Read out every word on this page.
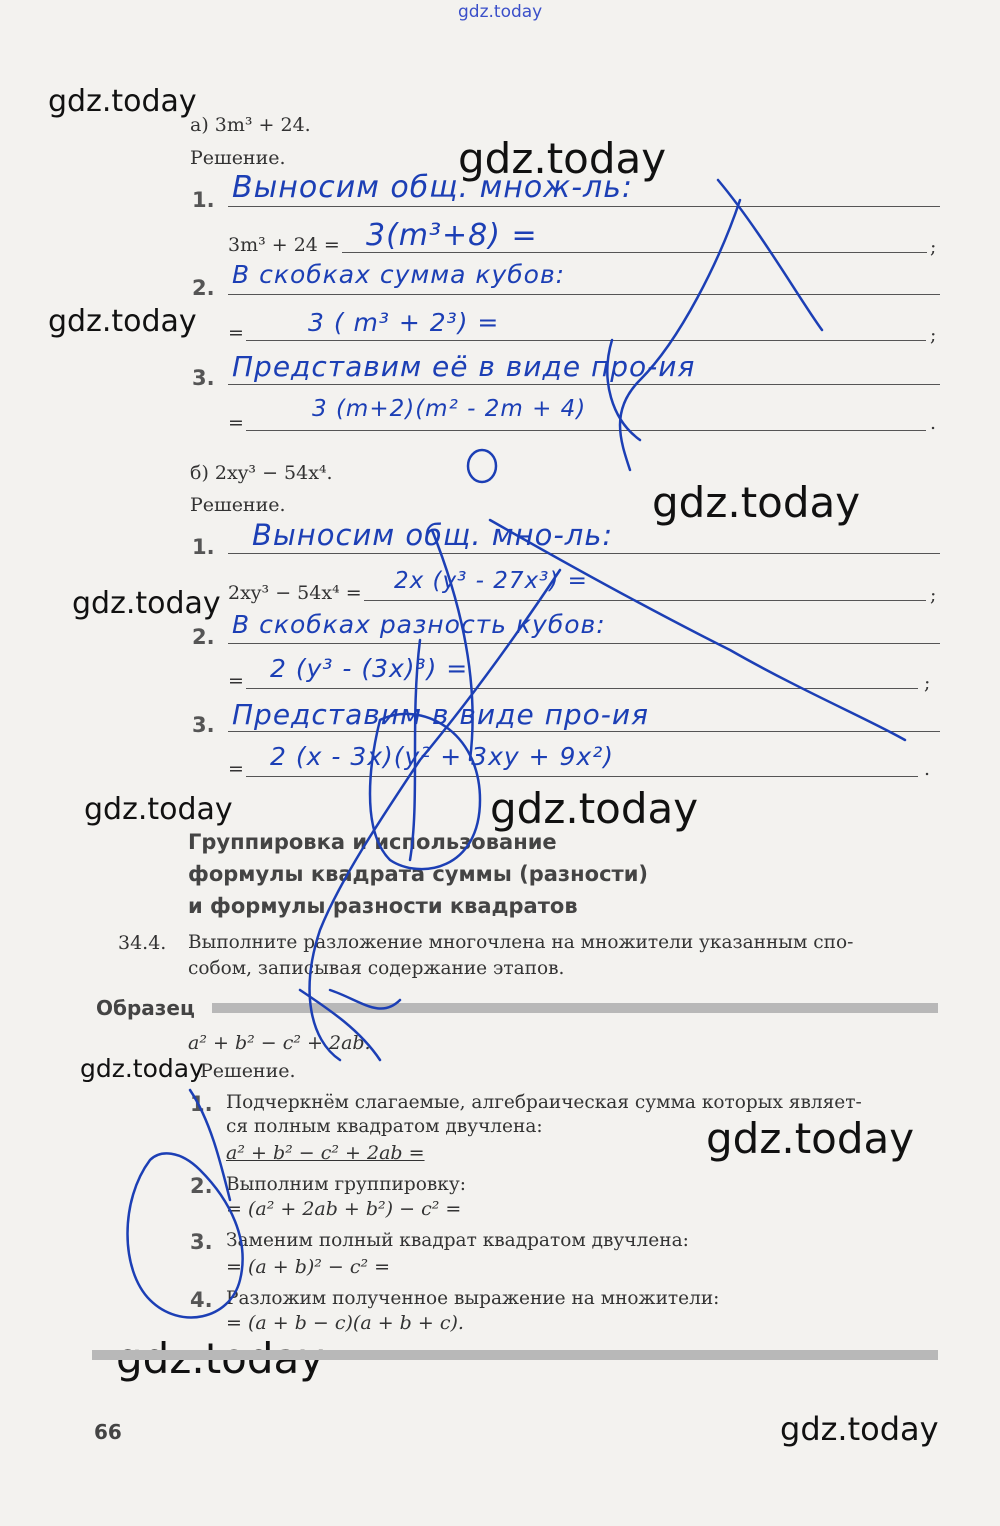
gdz.today
gdz.today
gdz.today
gdz.today
gdz.today
gdz.today
gdz.today	gdz.today
gdz.today
gdz.today
gdz.today
а) 3m³ + 24.
Решение.
1. Выносим общ. множ-ль:
3m³ + 24 = 3(m³+8) =	;
2. В скобках сумма кубов:
=	3 ( m³ + 2³) =	;
3. Представим её в виде про-ия
=
3 (m+2)(m² - 2m + 4)
.
б) 2xy³ − 54x⁴.
Решение.
1. Выносим общ. мно-ль:
2xy³ − 54x⁴ = 2x (y³ - 27x³) =
;
2. В скобках разность кубов:
= 2 (y³ - (3x)³) =	;
3. Представим в виде про-ия
= 2 (x - 3x)(y² + 3xy + 9x²)	.
Группировка и использование
формулы квадрата суммы (разности)
и формулы разности квадратов
34.4. Выполните разложение многочлена на множители указанным спо-
собом, записывая содержание этапов.
Образец
a² + b² − c² + 2ab.
Решение.
1. Подчеркнём слагаемые, алгебраическая сумма которых являет-
ся полным квадратом двучлена:
a² + b² − c² + 2ab =
2. Выполним группировку:
= (a² + 2ab + b²) − c² =
3. Заменим полный квадрат квадратом двучлена:
= (a + b)² − c² =
4. Разложим полученное выражение на множители:
= (a + b − c)(a + b + c).
66
